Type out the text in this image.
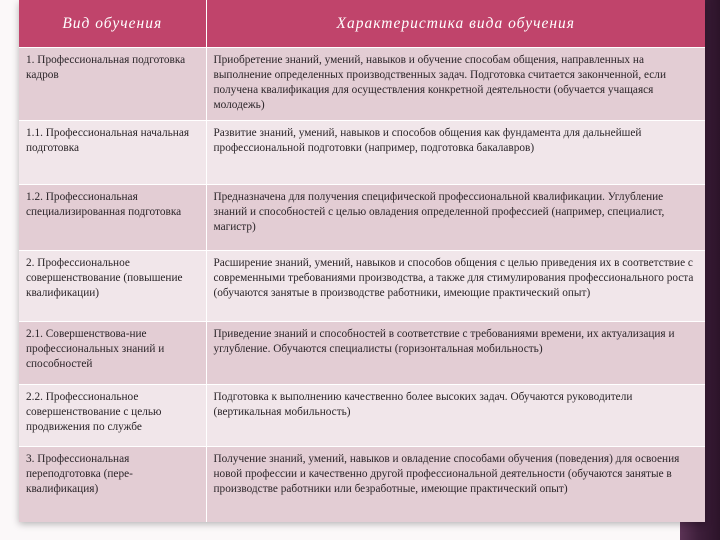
Вид обучения	Характеристика вида обучения
1. Профессиональная подготовка кадров	Приобретение знаний, умений, навыков и обучение способам общения, направленных на выполнение определенных производственных задач. Подготовка считается законченной, если получена квалификация для осуществления конкретной деятельности (обучается учащаяся молодежь)
1.1. Профессиональная начальная подготовка	Развитие знаний, умений, навыков и способов общения как фундамента для дальнейшей профессиональной подготовки (например, подготовка бакалавров)
1.2. Профессиональная специализированная подготовка	Предназначена для получения специфической профессиональной квалификации. Углубление знаний и способностей с целью овладения определенной профессией (например, специалист, магистр)
2. Профессиональное совершенствование (повышение квалификации)	Расширение знаний, умений, навыков и способов общения с целью приведения их в соответствие с современными требованиями производства, а также для стимулирования профессионального роста (обучаются занятые в производстве работники, имеющие практический опыт)
2.1. Совершенствова-ние профессиональных знаний и способностей	Приведение знаний и способностей в соответствие с требованиями времени, их актуализация и углубление. Обучаются специалисты (горизонтальная мобильность)
2.2. Профессиональное совершенствование с целью продвижения по службе	Подготовка к выполнению качественно более высоких задач. Обучаются руководители (вертикальная мобильность)
3. Профессиональная переподготовка (пере-квалификация)	Получение знаний, умений, навыков и овладение способами обучения (поведения) для освоения новой профессии и качественно другой профессиональной деятельности (обучаются занятые в производстве работники или безработные, имеющие практический опыт)
